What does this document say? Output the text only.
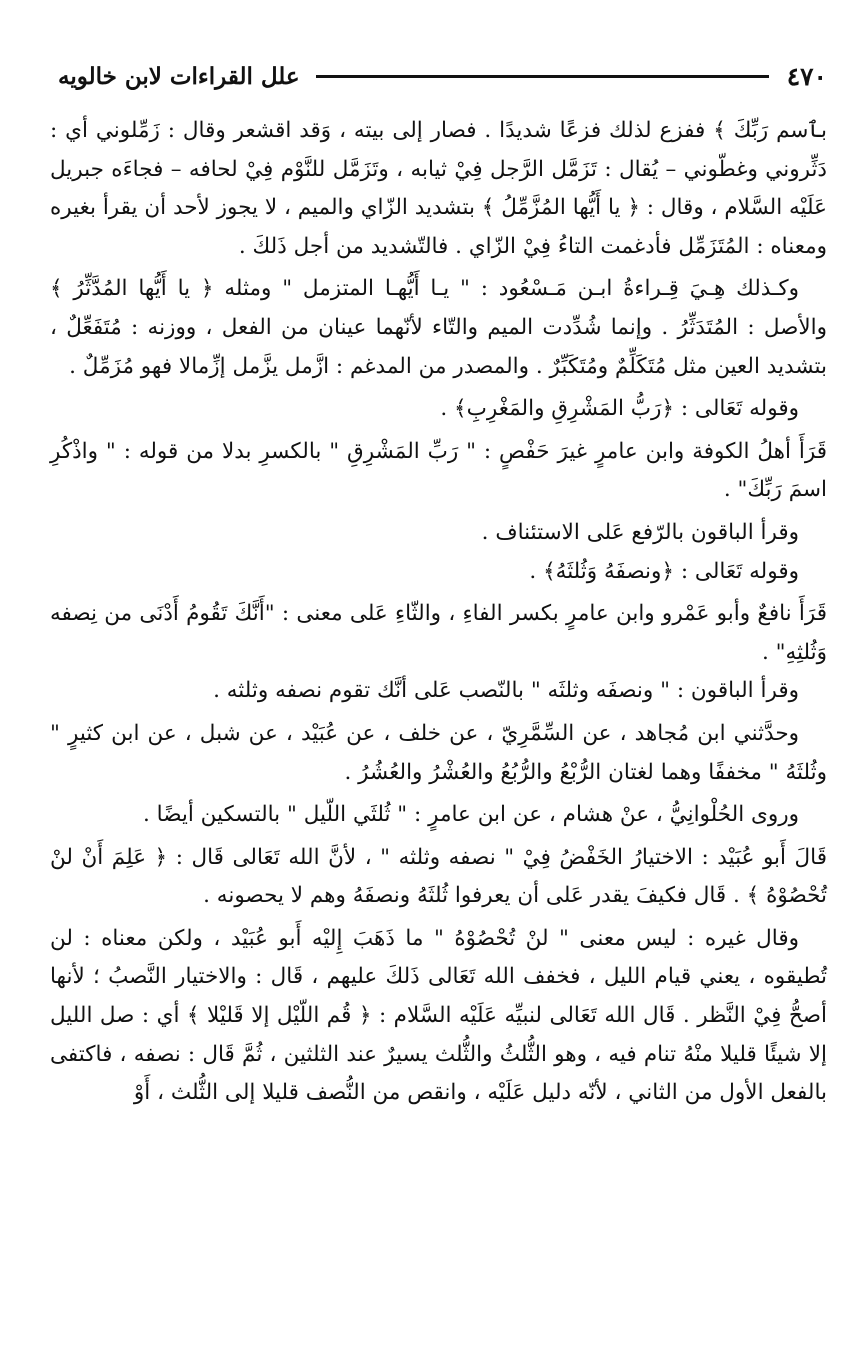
٤٧٠
علل القراءات لابن خالويه

بٱسم رَبِّكَ ﴾ ففزع لذلك فزعًا شديدًا . فصار إلى بيته ، وَقد اقشعر وقال : زَمِّلوني أي : دَثِّروني وغطّوني – يُقال : تَزَمَّل الرَّجل فِيْ ثيابه ، وتَزَمَّل للنَّوْم فِيْ لحافه – فجاءَه جبريل عَلَيْه السَّلام ، وقال : ﴿ يا أَيُّها المُزَّمِّلُ ﴾ بتشديد الزّاي والميم ، لا يجوز لأحد أن يقرأ بغيره ومعناه : المُتَزَمِّل فأدغمت التاءُ فِيْ الزّاي . فالتّشديد من أجل ذَلكَ .

وكـذلك هِـيَ قِـراءةُ ابـن مَـسْعُود : " يـا أَيُّهـا المتزمل " ومثله ﴿ يا أَيُّها المُدَّثِّرُ ﴾ والأصل : المُتَدَثِّرُ . وإنما شُدِّدت الميم والتّاء لأنّهما عينان من الفعل ، ووزنه : مُتَفَعِّلٌ ، بتشديد العين مثل مُتَكَلِّمٌ ومُتَكَبِّرٌ . والمصدر من المدغم : ازَّمل يزَّمل إزِّمالا فهو مُزَمِّلٌ .

وقوله تَعَالى : ﴿رَبُّ المَشْرِقِ والمَغْرِبِ﴾ .

قَرَأَ أهلُ الكوفة وابن عامرٍ غيرَ حَفْصٍ : " رَبِّ المَشْرِقِ " بالكسرِ بدلا من قوله : " واذْكُرِ اسمَ رَبِّكَ" .

وقرأ الباقون بالرّفع عَلى الاستئناف .

وقوله تَعَالى : ﴿ونصفَهُ وَثُلثَهُ﴾ .

قَرَأَ نافعٌ وأبو عَمْرو وابن عامرٍ بكسر الفاءِ ، والثّاءِ عَلى معنى : "أَنَّكَ تَقُومُ أَدْنَى من نِصفه وَثُلثِهِ" .

وقرأ الباقون : " ونصفَه وثلثَه " بالنّصب عَلى أنَّك تقوم نصفه وثلثه .

وحدَّثني ابن مُجاهد ، عن السِّمَّرِيّ ، عن خلف ، عن عُبَيْد ، عن شبل ، عن ابن كثيرٍ " وثُلثَهُ " مخففًا وهما لغتان الرُّبْعُ والرُّبُعُ والعُشْرُ والعُشُرُ .

وروى الحُلْوانِيُّ ، عنْ هشام ، عن ابن عامرٍ : " ثُلثَي اللّيل " بالتسكين أيضًا .

قَالَ أَبو عُبَيْد : الاختيارُ الخَفْضُ فِيْ " نصفه وثلثه " ، لأنَّ الله تَعَالى قَال : ﴿ عَلِمَ أَنْ لنْ تُحْصُوْهُ ﴾ . قَال فكيفَ يقدر عَلى أن يعرفوا ثُلثَهُ ونصفَهُ وهم لا يحصونه .

وقال غيره : ليس معنى " لنْ تُحْصُوْهُ " ما ذَهَبَ إِليْه أَبو عُبَيْد ، ولكن معناه : لن تُطيقوه ، يعني قيام الليل ، فخفف الله تَعَالى ذَلكَ عليهم ، قَال : والاختيار النَّصبُ ؛ لأنها أصحُّ فِيْ النَّظر . قَال الله تَعَالى لنبيِّه عَلَيْه السَّلام : ﴿ قُم اللّيْل إلا قَليْلا ﴾ أي : صل الليل إلا شيئًا قليلا منْهُ تنام فيه ، وهو الثُّلثُ والثُّلث يسيرٌ عند الثلثين ، ثُمَّ قَال : نصفه ، فاكتفى بالفعل الأول من الثاني ، لأنّه دليل عَلَيْه ، وانقص من النُّصف قليلا إلى الثُّلث ، أَوْ
